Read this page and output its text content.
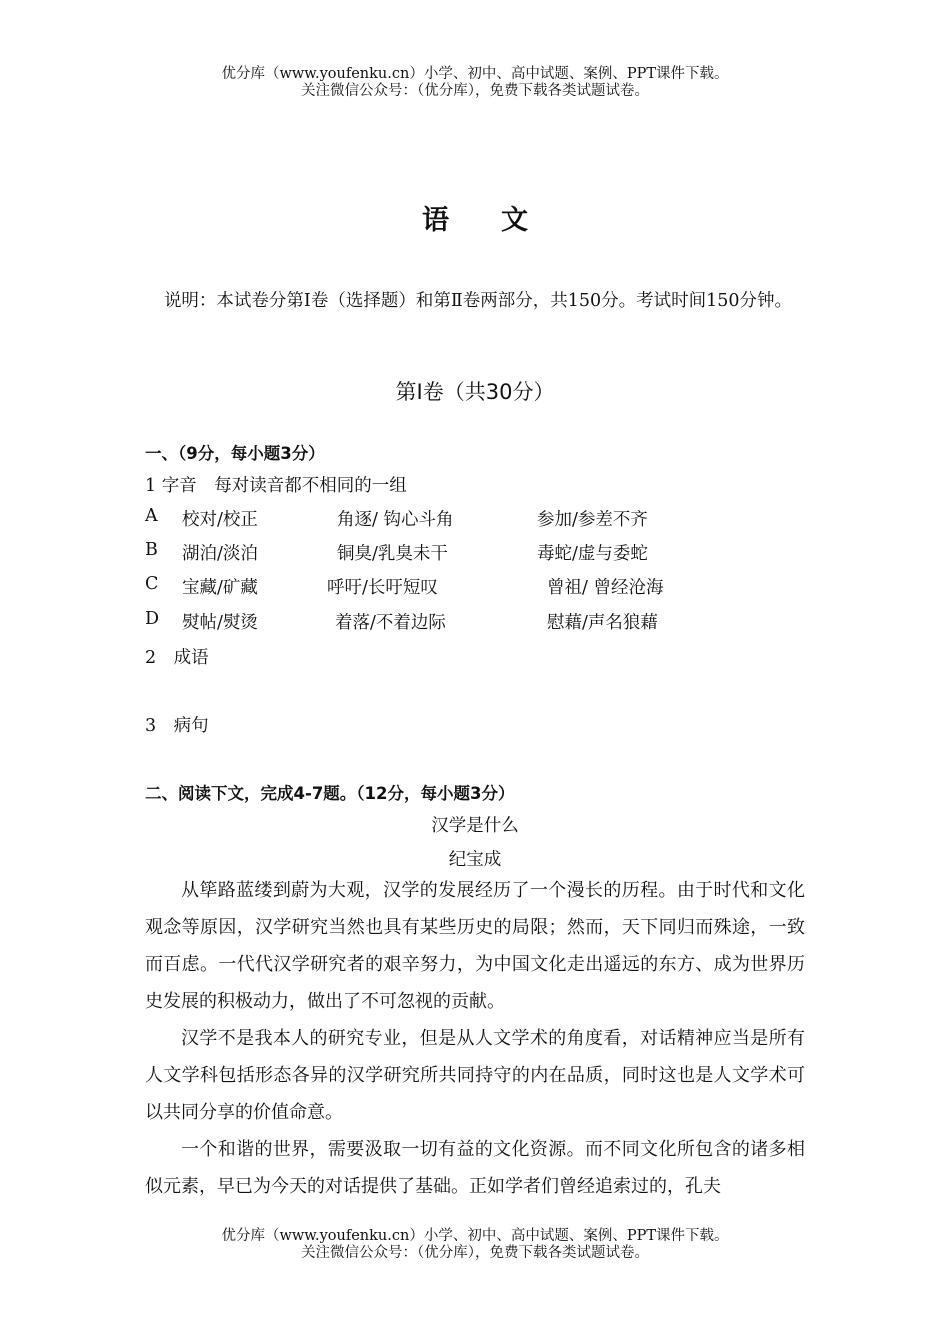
优分库（www.youfenku.cn）小学、初中、高中试题、案例、PPT课件下载。
关注微信公众号：（优分库），免费下载各类试题试卷。
语文
说明：本试卷分第Ⅰ卷（选择题）和第Ⅱ卷两部分，共150分。考试时间150分钟。
第Ⅰ卷（共30分）
一、（9分，每小题3分）
1 字音　每对读音都不相同的一组
A 校对/校正	角逐/ 钩心斗角	参加/参差不齐
B 湖泊/淡泊	铜臭/乳臭未干	毒蛇/虚与委蛇
C 宝藏/矿藏	呼吁/长吁短叹	曾祖/ 曾经沧海
D 熨帖/熨烫	着落/不着边际	慰藉/声名狼藉
2　成语
3　病句
二、阅读下文，完成4-7题。（12分，每小题3分）
汉学是什么
纪宝成
从筚路蓝缕到蔚为大观，汉学的发展经历了一个漫长的历程。由于时代和文化观念等原因，汉学研究当然也具有某些历史的局限；然而，天下同归而殊途，一致而百虑。一代代汉学研究者的艰辛努力，为中国文化走出遥远的东方、成为世界历史发展的积极动力，做出了不可忽视的贡献。
汉学不是我本人的研究专业，但是从人文学术的角度看，对话精神应当是所有人文学科包括形态各异的汉学研究所共同持守的内在品质，同时这也是人文学术可以共同分享的价值命意。
一个和谐的世界，需要汲取一切有益的文化资源。而不同文化所包含的诸多相似元素，早已为今天的对话提供了基础。正如学者们曾经追索过的，孔夫
优分库（www.youfenku.cn）小学、初中、高中试题、案例、PPT课件下载。
关注微信公众号：（优分库），免费下载各类试题试卷。
